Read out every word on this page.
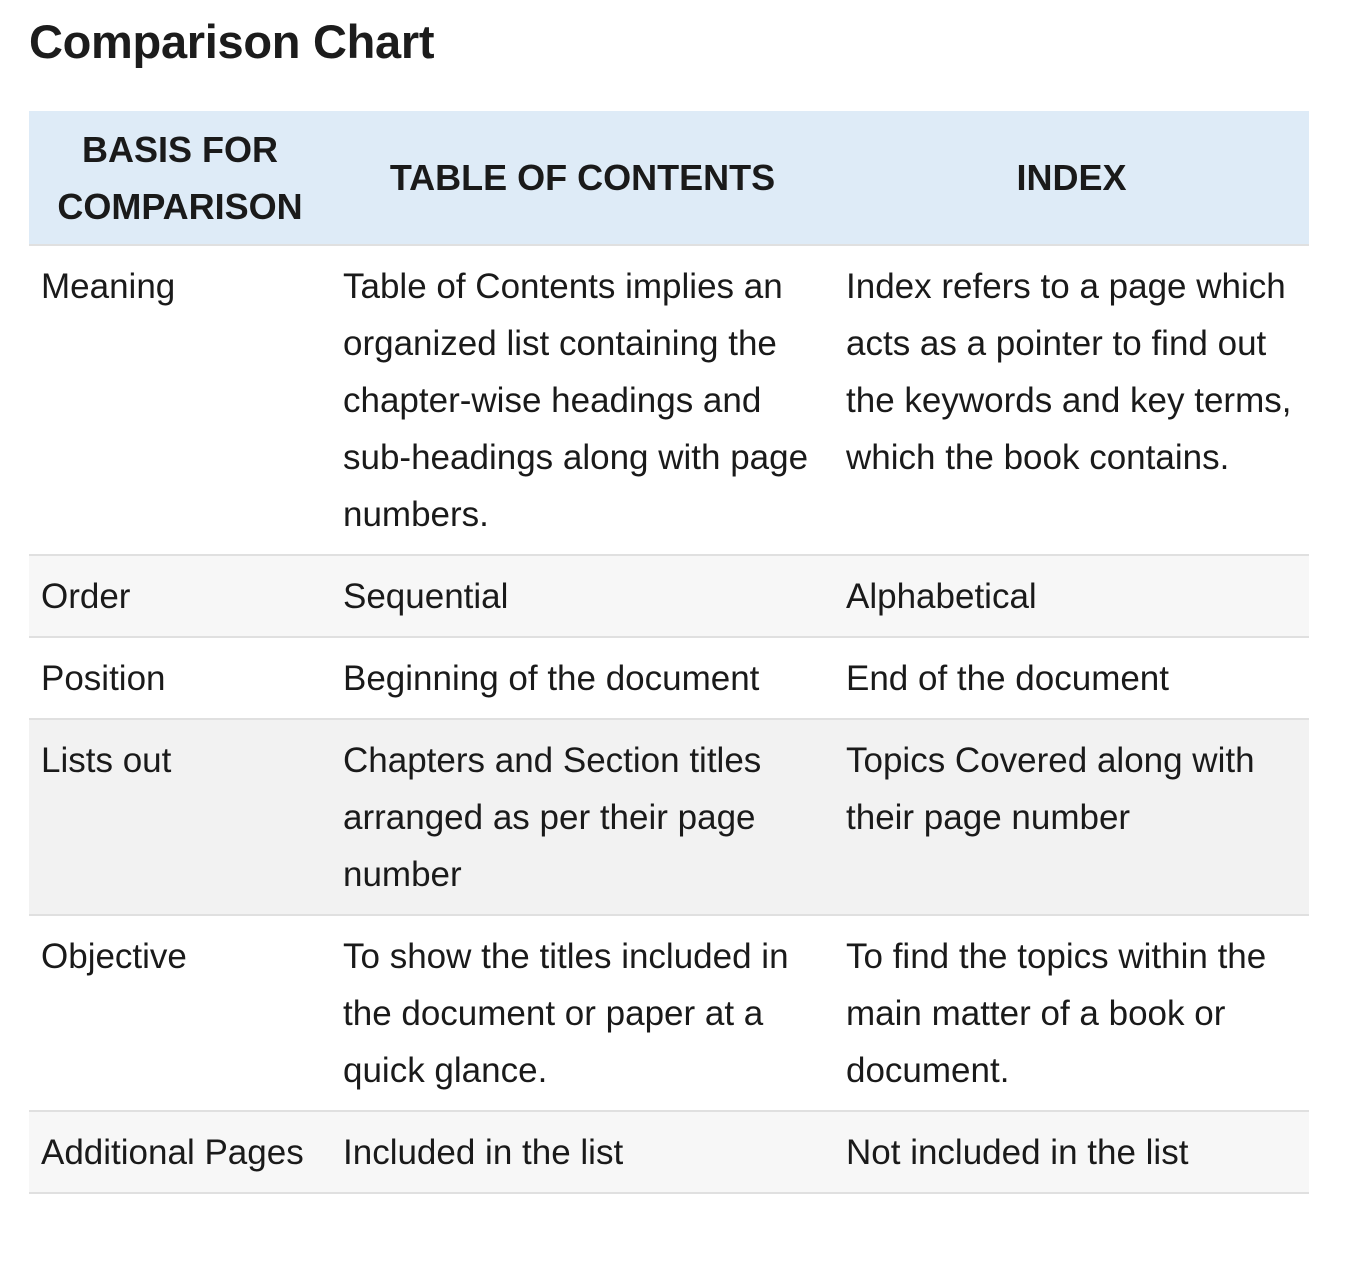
Comparison Chart
BASIS FOR COMPARISON	TABLE OF CONTENTS	INDEX
Meaning	Table of Contents implies an organized list containing the chapter-wise headings and sub-headings along with page numbers.	Index refers to a page which acts as a pointer to find out the keywords and key terms, which the book contains.
Order	Sequential	Alphabetical
Position	Beginning of the document	End of the document
Lists out	Chapters and Section titles arranged as per their page number	Topics Covered along with their page number
Objective	To show the titles included in the document or paper at a quick glance.	To find the topics within the main matter of a book or document.
Additional Pages	Included in the list	Not included in the list
